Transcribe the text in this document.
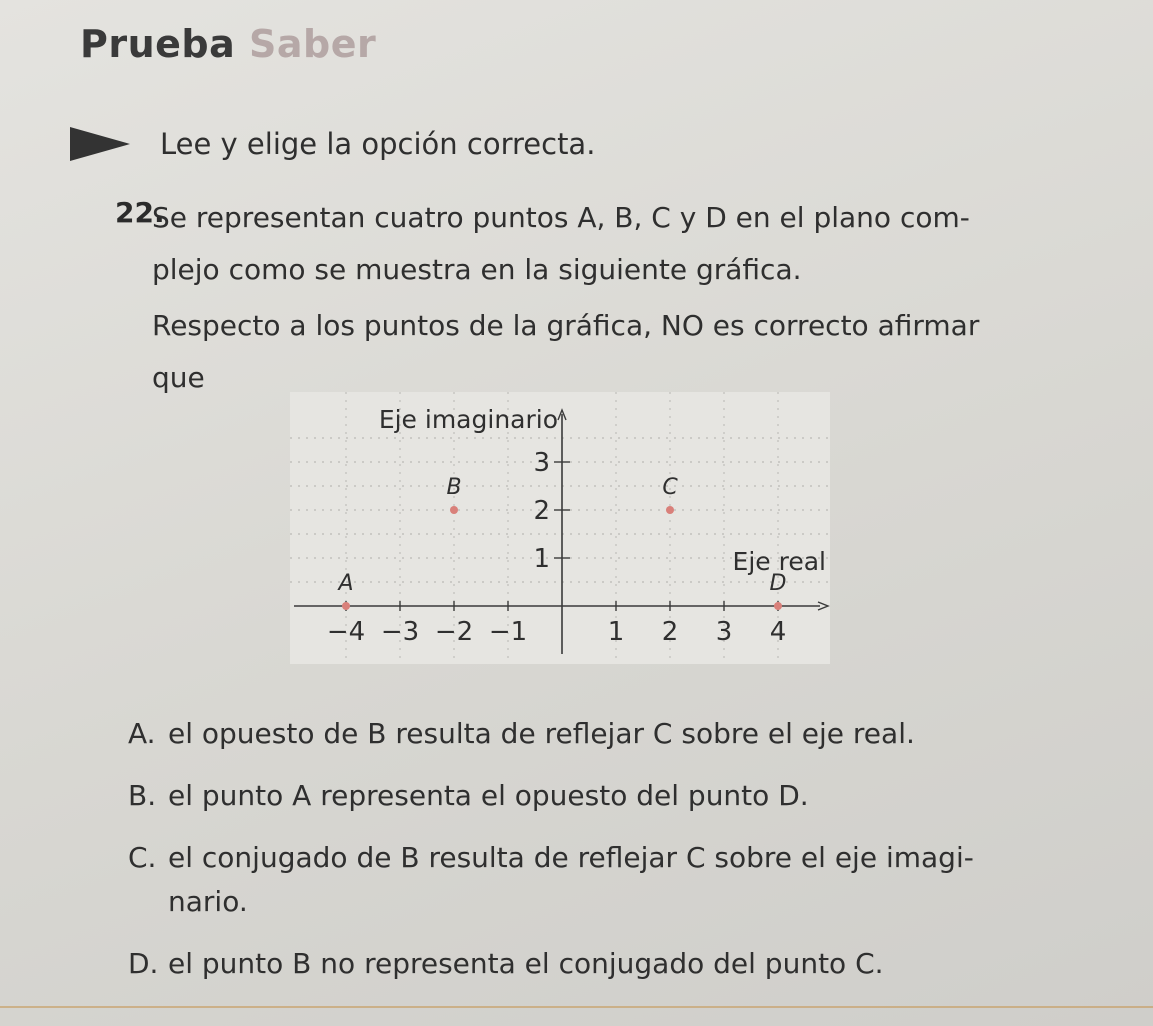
Prueba Saber
Lee y elige la opción correcta.
22.

Se representan cuatro puntos A, B, C y D en el plano com-

plejo como se muestra en la siguiente gráfica.

Respecto a los puntos de la gráfica, NO es correcto afirmar

que

−4 −3 −2 −1	1 2 3 4
1
2
3
A
B	C
D
Eje imaginario
Eje real
A. el opuesto de B resulta de reflejar C sobre el eje real.
B. el punto A representa el opuesto del punto D.
C. el conjugado de B resulta de reflejar C sobre el eje imagi-
nario.
D. el punto B no representa el conjugado del punto C.
